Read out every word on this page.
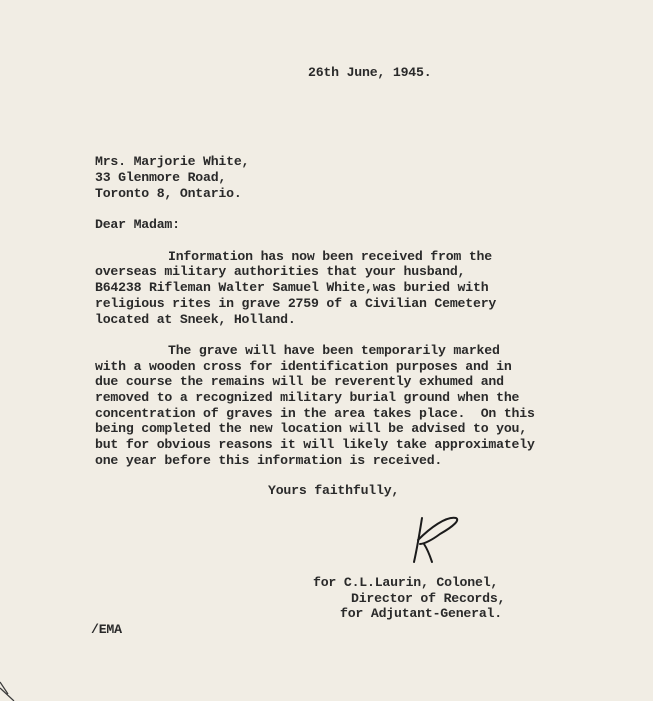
26th June, 1945.
Mrs. Marjorie White,
33 Glenmore Road,
Toronto 8, Ontario.
Dear Madam:
Information has now been received from the
overseas military authorities that your husband,
B64238 Rifleman Walter Samuel White,was buried with
religious rites in grave 2759 of a Civilian Cemetery
located at Sneek, Holland.
The grave will have been temporarily marked
with a wooden cross for identification purposes and in
due course the remains will be reverently exhumed and
removed to a recognized military burial ground when the
concentration of graves in the area takes place.  On this
being completed the new location will be advised to you,
but for obvious reasons it will likely take approximately
one year before this information is received.
Yours faithfully,
for C.L.Laurin, Colonel,
Director of Records,
for Adjutant-General.
/EMA
